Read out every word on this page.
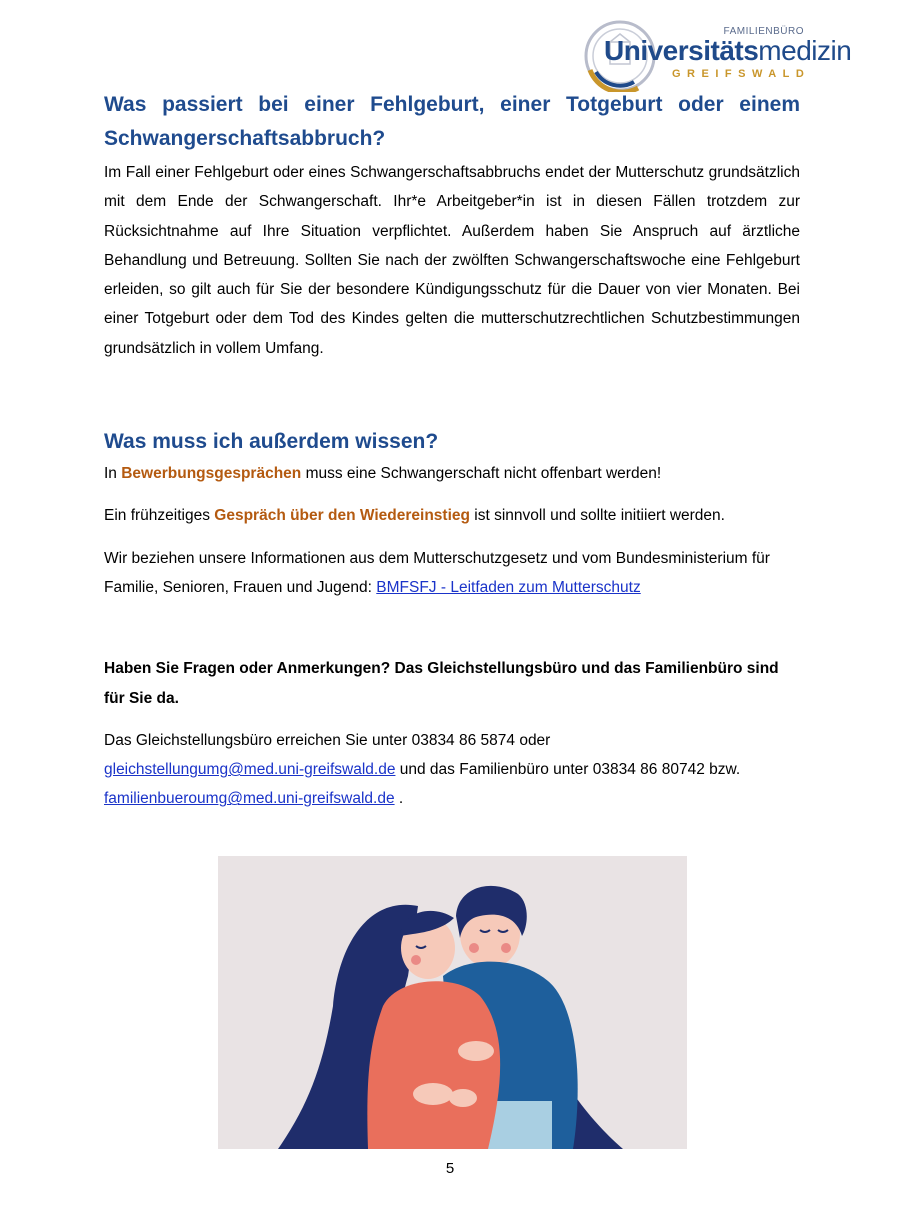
FAMILIENBÜRO
Universitätsmedizin
GREIFSWALD
Was passiert bei einer Fehlgeburt, einer Totgeburt oder einem Schwangerschaftsabbruch?

Im Fall einer Fehlgeburt oder eines Schwangerschaftsabbruchs endet der Mutterschutz grundsätzlich mit dem Ende der Schwangerschaft. Ihr*e Arbeitgeber*in ist in diesen Fällen trotzdem zur Rücksichtnahme auf Ihre Situation verpflichtet. Außerdem haben Sie Anspruch auf ärztliche Behandlung und Betreuung. Sollten Sie nach der zwölften Schwangerschaftswoche eine Fehlgeburt erleiden, so gilt auch für Sie der besondere Kündigungsschutz für die Dauer von vier Monaten. Bei einer Totgeburt oder dem Tod des Kindes gelten die mutterschutzrechtlichen Schutzbestimmungen grundsätzlich in vollem Umfang.

Was muss ich außerdem wissen?

In Bewerbungsgesprächen muss eine Schwangerschaft nicht offenbart werden!

Ein frühzeitiges Gespräch über den Wiedereinstieg ist sinnvoll und sollte initiiert werden.

Wir beziehen unsere Informationen aus dem Mutterschutzgesetz und vom Bundesministerium für Familie, Senioren, Frauen und Jugend: BMFSFJ - Leitfaden zum Mutterschutz

Haben Sie Fragen oder Anmerkungen? Das Gleichstellungsbüro und das Familienbüro sind für Sie da.

Das Gleichstellungsbüro erreichen Sie unter 03834 86 5874 oder
gleichstellungumg@med.uni-greifswald.de und das Familienbüro unter 03834 86 80742 bzw.
familienbueroumg@med.uni-greifswald.de .

5
